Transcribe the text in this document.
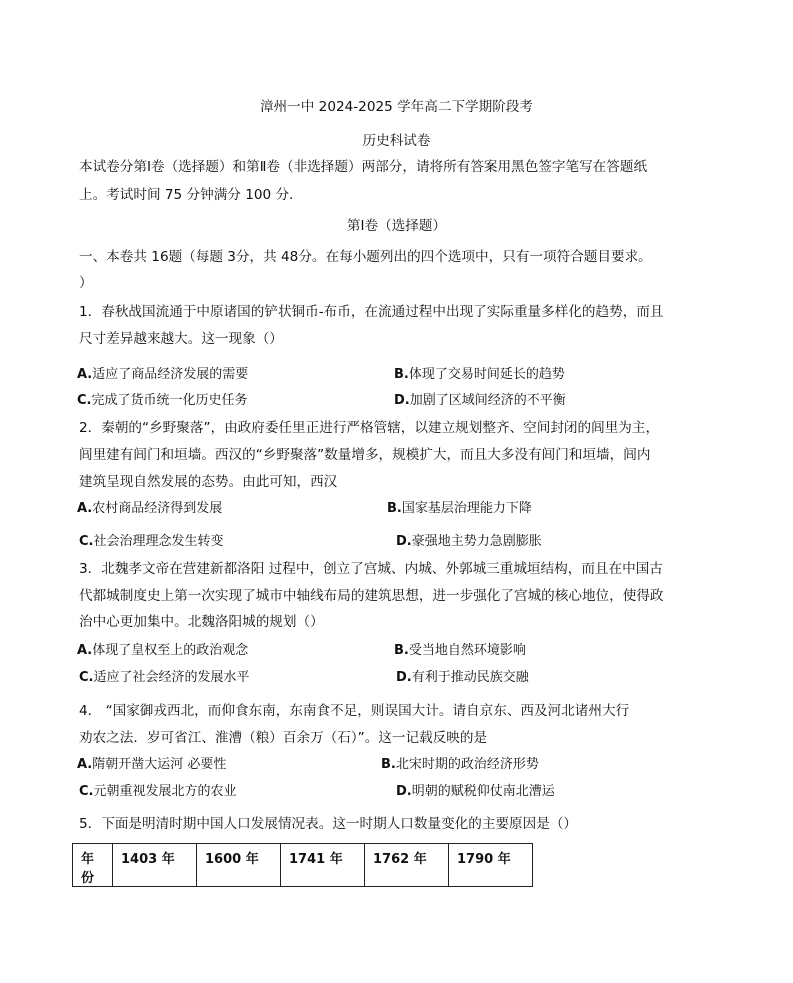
漳州一中 2024-2025 学年高二下学期阶段考
历史科试卷
本试卷分第Ⅰ卷（选择题）和第Ⅱ卷（非选择题）两部分，请将所有答案用黑色签字笔写在答题纸
上。考试时间 75 分钟满分 100 分.
第Ⅰ卷（选择题）
一、本卷共 16题（每题 3分，共 48分。在每小题列出的四个选项中，只有一项符合题目要求。
）
1．春秋战国流通于中原诸国的铲状铜币-布币，在流通过程中出现了实际重量多样化的趋势，而且
尺寸差异越来越大。这一现象（）
A.适应了商品经济发展的需要	B.体现了交易时间延长的趋势
C.完成了货币统一化历史任务	D.加剧了区域间经济的不平衡
2．秦朝的“乡野聚落”，由政府委任里正进行严格管辖，以建立规划整齐、空间封闭的闾里为主，
闾里建有闾门和垣墙。西汉的“乡野聚落”数量增多，规模扩大，而且大多没有闾门和垣墙，闾内
建筑呈现自然发展的态势。由此可知，西汉
A.农村商品经济得到发展	B.国家基层治理能力下降
C.社会治理理念发生转变	D.豪强地主势力急剧膨胀
3．北魏孝文帝在营建新都洛阳 过程中，创立了宫城、内城、外郭城三重城垣结构，而且在中国古
代都城制度史上第一次实现了城市中轴线布局的建筑思想，进一步强化了宫城的核心地位，使得政
治中心更加集中。北魏洛阳城的规划（）
A.体现了皇权至上的政治观念	B.受当地自然环境影响
C.适应了社会经济的发展水平	D.有利于推动民族交融
4． “国家御戎西北，而仰食东南，东南食不足，则误国大计。请自京东、西及河北诸州大行
劝农之法．岁可省江、淮漕（粮）百余万（石）”。这一记载反映的是
A.隋朝开凿大运河 必要性	B.北宋时期的政治经济形势
C.元朝重视发展北方的农业	D.明朝的赋税仰仗南北漕运
5．下面是明清时期中国人口发展情况表。这一时期人口数量变化的主要原因是（）
年份	1403 年	1600 年	1741 年	1762 年	1790 年
